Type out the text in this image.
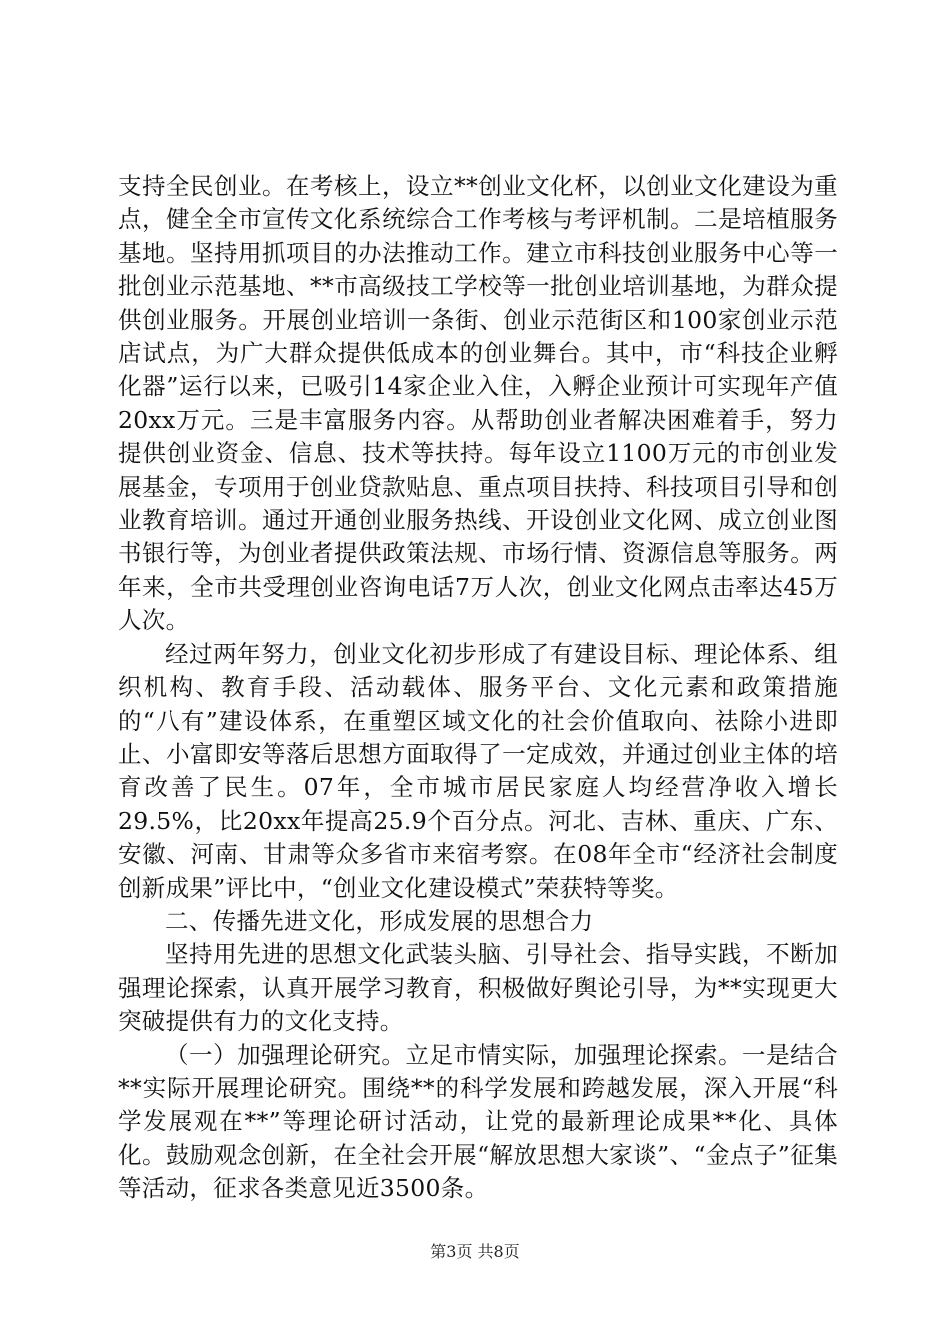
支持全民创业。在考核上，设立**创业文化杯，以创业文化建设为重点，健全全市宣传文化系统综合工作考核与考评机制。二是培植服务基地。坚持用抓项目的办法推动工作。建立市科技创业服务中心等一批创业示范基地、**市高级技工学校等一批创业培训基地，为群众提供创业服务。开展创业培训一条街、创业示范街区和100家创业示范店试点，为广大群众提供低成本的创业舞台。其中，市“科技企业孵化器”运行以来，已吸引14家企业入住，入孵企业预计可实现年产值20xx万元。三是丰富服务内容。从帮助创业者解决困难着手，努力提供创业资金、信息、技术等扶持。每年设立1100万元的市创业发展基金，专项用于创业贷款贴息、重点项目扶持、科技项目引导和创业教育培训。通过开通创业服务热线、开设创业文化网、成立创业图书银行等，为创业者提供政策法规、市场行情、资源信息等服务。两年来，全市共受理创业咨询电话7万人次，创业文化网点击率达45万人次。

经过两年努力，创业文化初步形成了有建设目标、理论体系、组织机构、教育手段、活动载体、服务平台、文化元素和政策措施的“八有”建设体系，在重塑区域文化的社会价值取向、祛除小进即止、小富即安等落后思想方面取得了一定成效，并通过创业主体的培育改善了民生。07年，全市城市居民家庭人均经营净收入增长29.5%，比20xx年提高25.9个百分点。河北、吉林、重庆、广东、安徽、河南、甘肃等众多省市来宿考察。在08年全市“经济社会制度创新成果”评比中，“创业文化建设模式”荣获特等奖。

二、传播先进文化，形成发展的思想合力

坚持用先进的思想文化武装头脑、引导社会、指导实践，不断加强理论探索，认真开展学习教育，积极做好舆论引导，为**实现更大突破提供有力的文化支持。

（一）加强理论研究。立足市情实际，加强理论探索。一是结合**实际开展理论研究。围绕**的科学发展和跨越发展，深入开展“科学发展观在**”等理论研讨活动，让党的最新理论成果**化、具体化。鼓励观念创新，在全社会开展“解放思想大家谈”、“金点子”征集等活动，征求各类意见近3500条。

第3页 共8页
